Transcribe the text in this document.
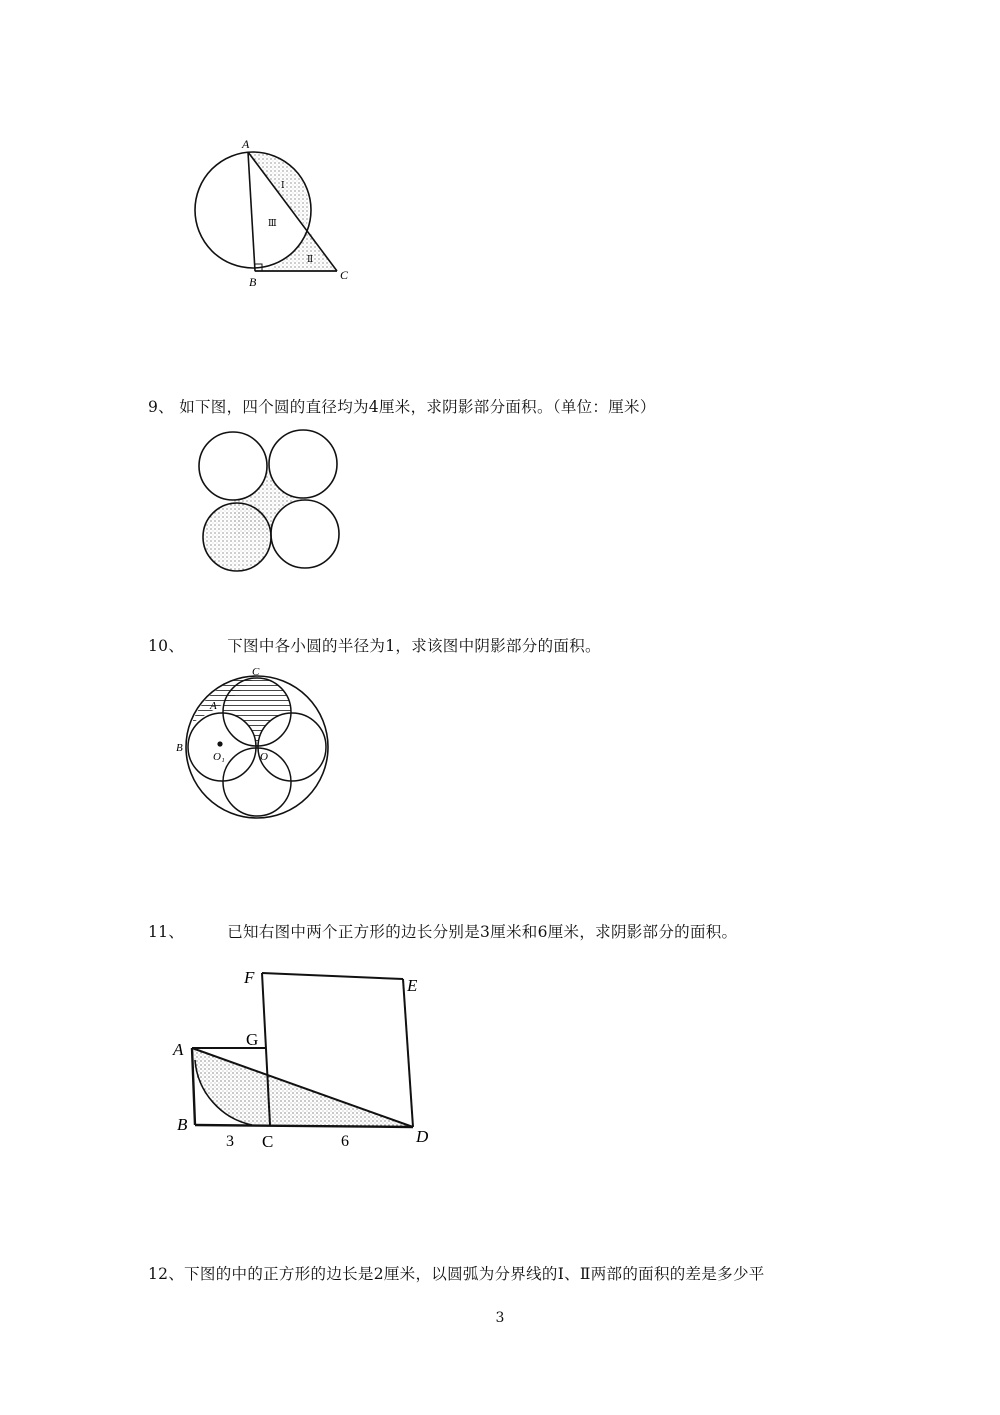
A
B	C
Ⅰ
Ⅱ
Ⅲ
9、 如下图，四个圆的直径均为4厘米，求阴影部分面积。（单位：厘米）
10、	下图中各小圆的半径为1，求该图中阴影部分的面积。
C
A
B
O₁	O
11、	已知右图中两个正方形的边长分别是3厘米和6厘米，求阴影部分的面积。
F	E
G
A
B
C	D
3	6
12、下图的中的正方形的边长是2厘米，以圆弧为分界线的Ⅰ、Ⅱ两部的面积的差是多少平
3
